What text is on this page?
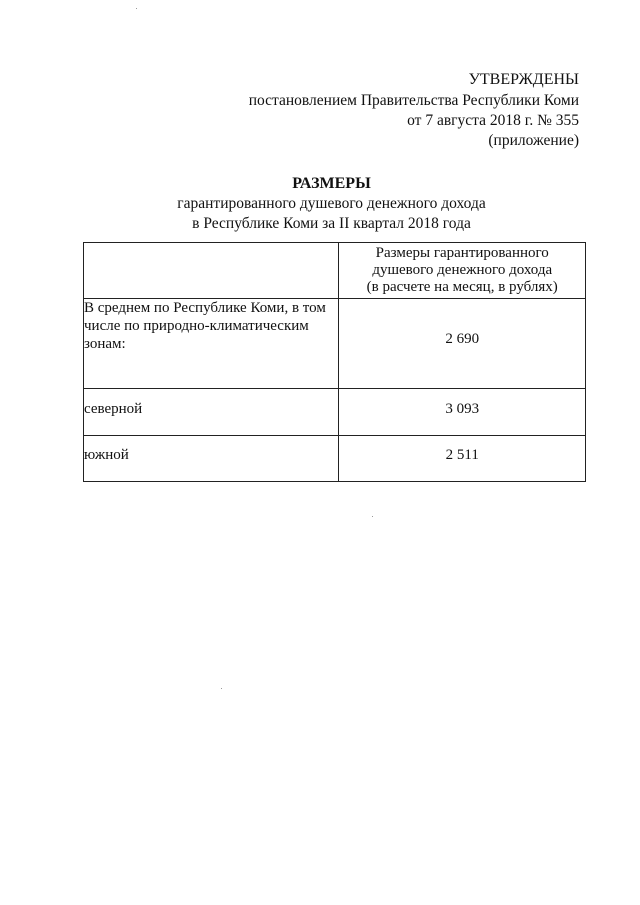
УТВЕРЖДЕНЫ
постановлением Правительства Республики Коми
от 7 августа 2018 г. № 355
(приложение)
РАЗМЕРЫ
гарантированного душевого денежного дохода
в Республике Коми за II квартал 2018 года

	Размеры гарантированного
душевого денежного дохода
(в расчете на месяц, в рублях)

В среднем по Республике Коми, в том
числе по природно-климатическим
зонам:	2 690
северной	3 093
южной	2 511
